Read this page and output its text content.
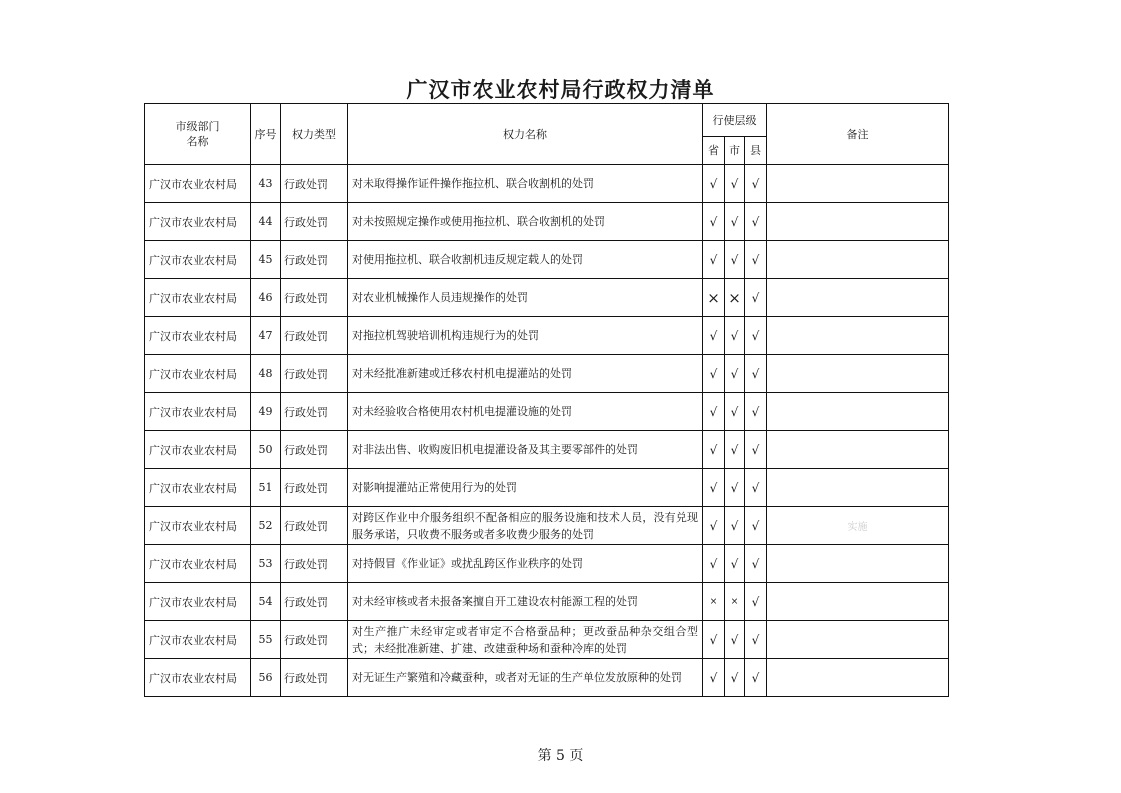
广汉市农业农村局行政权力清单
市级部门名称	序号	权力类型	权力名称	行使层级			备注
				省	市	县	
广汉市农业农村局	43	行政处罚	对未取得操作证件操作拖拉机、联合收割机的处罚	√	√	√	
广汉市农业农村局	44	行政处罚	对未按照规定操作或使用拖拉机、联合收割机的处罚	√	√	√	
广汉市农业农村局	45	行政处罚	对使用拖拉机、联合收割机违反规定载人的处罚	√	√	√	
广汉市农业农村局	46	行政处罚	对农业机械操作人员违规操作的处罚	×	×	√	
广汉市农业农村局	47	行政处罚	对拖拉机驾驶培训机构违规行为的处罚	√	√	√	
广汉市农业农村局	48	行政处罚	对未经批准新建或迁移农村机电提灌站的处罚	√	√	√	
广汉市农业农村局	49	行政处罚	对未经验收合格使用农村机电提灌设施的处罚	√	√	√	
广汉市农业农村局	50	行政处罚	对非法出售、收购废旧机电提灌设备及其主要零部件的处罚	√	√	√	
广汉市农业农村局	51	行政处罚	对影响提灌站正常使用行为的处罚	√	√	√	
广汉市农业农村局	52	行政处罚	对跨区作业中介服务组织不配备相应的服务设施和技术人员，没有兑现服务承诺，只收费不服务或者多收费少服务的处罚	√	√	√	实施
广汉市农业农村局	53	行政处罚	对持假冒《作业证》或扰乱跨区作业秩序的处罚	√	√	√	
广汉市农业农村局	54	行政处罚	对未经审核或者未报备案擅自开工建设农村能源工程的处罚	×	×	√	
广汉市农业农村局	55	行政处罚	对生产推广未经审定或者审定不合格蚕品种；更改蚕品种杂交组合型式；未经批准新建、扩建、改建蚕种场和蚕种冷库的处罚	√	√	√	
广汉市农业农村局	56	行政处罚	对无证生产繁殖和冷藏蚕种，或者对无证的生产单位发放原种的处罚	√	√	√	
第 5 页
